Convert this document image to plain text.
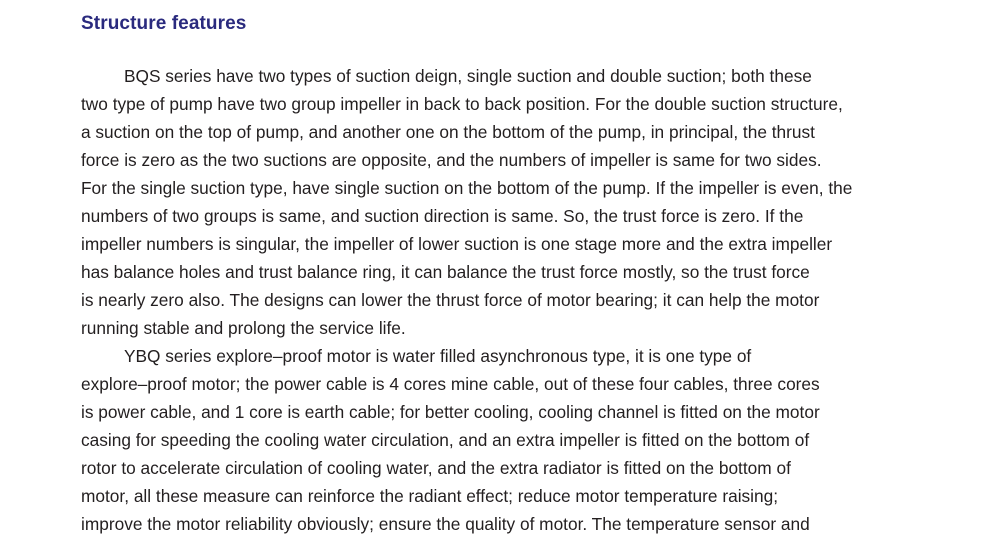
Structure features
BQS series have two types of suction deign, single suction and double suction; both these
two type of pump have two group impeller in back to back position. For the double suction structure,
a suction on the top of pump, and another one on the bottom of the pump, in principal, the thrust
force is zero as the two suctions are opposite, and the numbers of impeller is same for two sides.
For the single suction type, have single suction on the bottom of the pump. If the impeller is even, the
numbers of two groups is same, and suction direction is same. So, the trust force is zero. If the
impeller numbers is singular, the impeller of lower suction is one stage more and the extra impeller
has balance holes and trust balance ring, it can balance the trust force mostly, so the trust force
is nearly zero also. The designs can lower the thrust force of motor bearing; it can help the motor
running stable and prolong the service life.
YBQ series explore–proof motor is water filled asynchronous type, it is one type of
explore–proof motor; the power cable is 4 cores mine cable, out of these four cables, three cores
is power cable, and 1 core is earth cable; for better cooling, cooling channel is fitted on the motor
casing for speeding the cooling water circulation, and an extra impeller is fitted on the bottom of
rotor to accelerate circulation of cooling water, and the extra radiator is fitted on the bottom of
motor, all these measure can reinforce the radiant effect; reduce motor temperature raising;
improve the motor reliability obviously; ensure the quality of motor. The temperature sensor and
